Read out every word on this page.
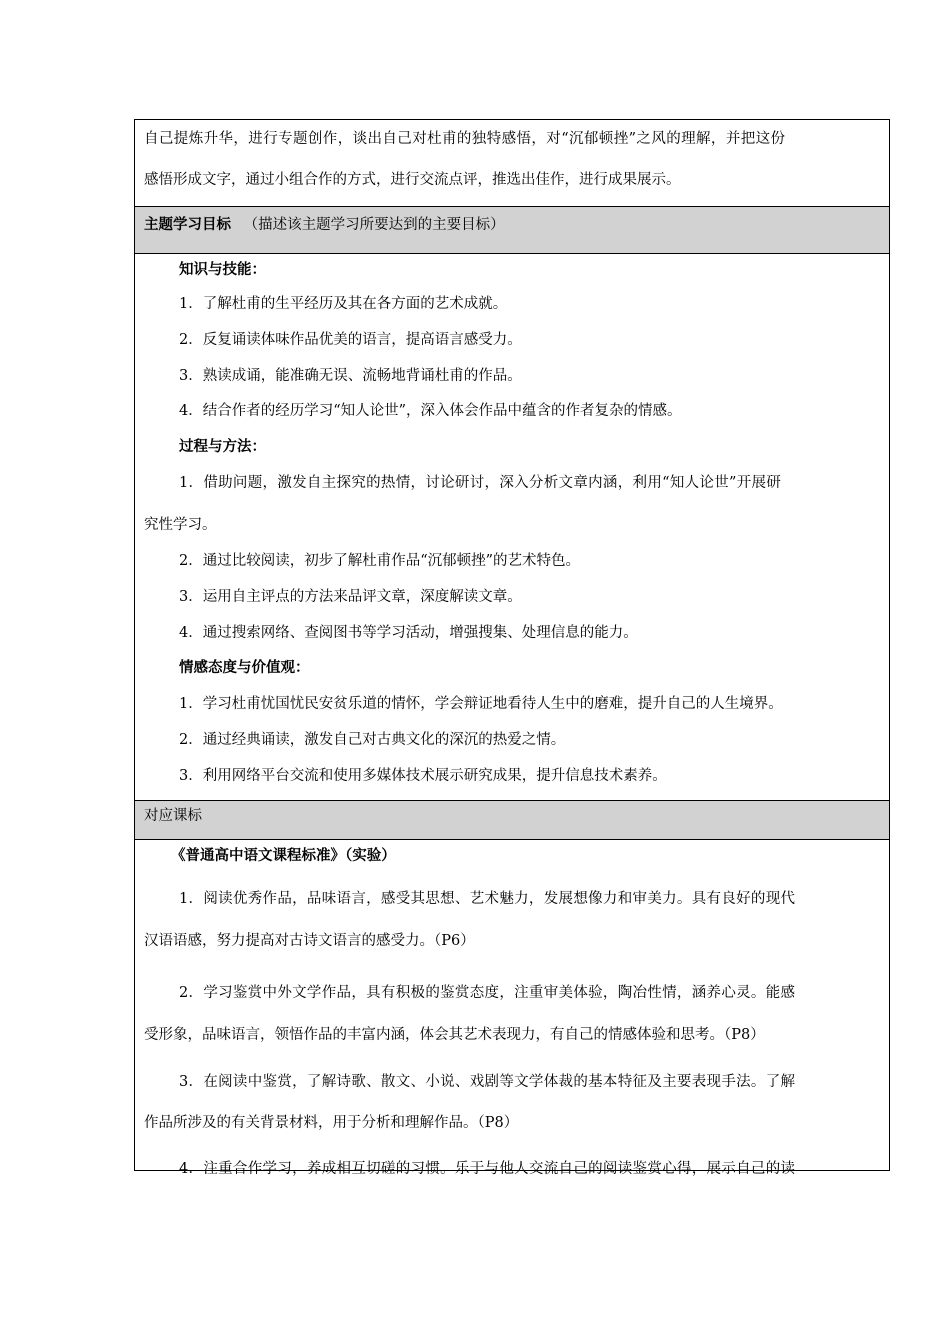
自己提炼升华，进行专题创作，谈出自己对杜甫的独特感悟，对“沉郁顿挫”之风的理解，并把这份
感悟形成文字，通过小组合作的方式，进行交流点评，推选出佳作，进行成果展示。
主题学习目标 （描述该主题学习所要达到的主要目标）
知识与技能：
1．了解杜甫的生平经历及其在各方面的艺术成就。
2．反复诵读体味作品优美的语言，提高语言感受力。
3．熟读成诵，能准确无误、流畅地背诵杜甫的作品。
4．结合作者的经历学习“知人论世”，深入体会作品中蕴含的作者复杂的情感。
过程与方法：
1．借助问题，激发自主探究的热情，讨论研讨，深入分析文章内涵，利用“知人论世”开展研
究性学习。
2．通过比较阅读，初步了解杜甫作品“沉郁顿挫”的艺术特色。
3．运用自主评点的方法来品评文章，深度解读文章。
4．通过搜索网络、查阅图书等学习活动，增强搜集、处理信息的能力。
情感态度与价值观：
1．学习杜甫忧国忧民安贫乐道的情怀，学会辩证地看待人生中的磨难，提升自己的人生境界。
2．通过经典诵读，激发自己对古典文化的深沉的热爱之情。
3．利用网络平台交流和使用多媒体技术展示研究成果，提升信息技术素养。
对应课标
《普通高中语文课程标准》（实验）
1．阅读优秀作品，品味语言，感受其思想、艺术魅力，发展想像力和审美力。具有良好的现代
汉语语感，努力提高对古诗文语言的感受力。（P6）
2．学习鉴赏中外文学作品，具有积极的鉴赏态度，注重审美体验，陶冶性情，涵养心灵。能感
受形象，品味语言，领悟作品的丰富内涵，体会其艺术表现力，有自己的情感体验和思考。（P8）
3．在阅读中鉴赏，了解诗歌、散文、小说、戏剧等文学体裁的基本特征及主要表现手法。了解
作品所涉及的有关背景材料，用于分析和理解作品。（P8）
4．注重合作学习，养成相互切磋的习惯。乐于与他人交流自己的阅读鉴赏心得，展示自己的读
